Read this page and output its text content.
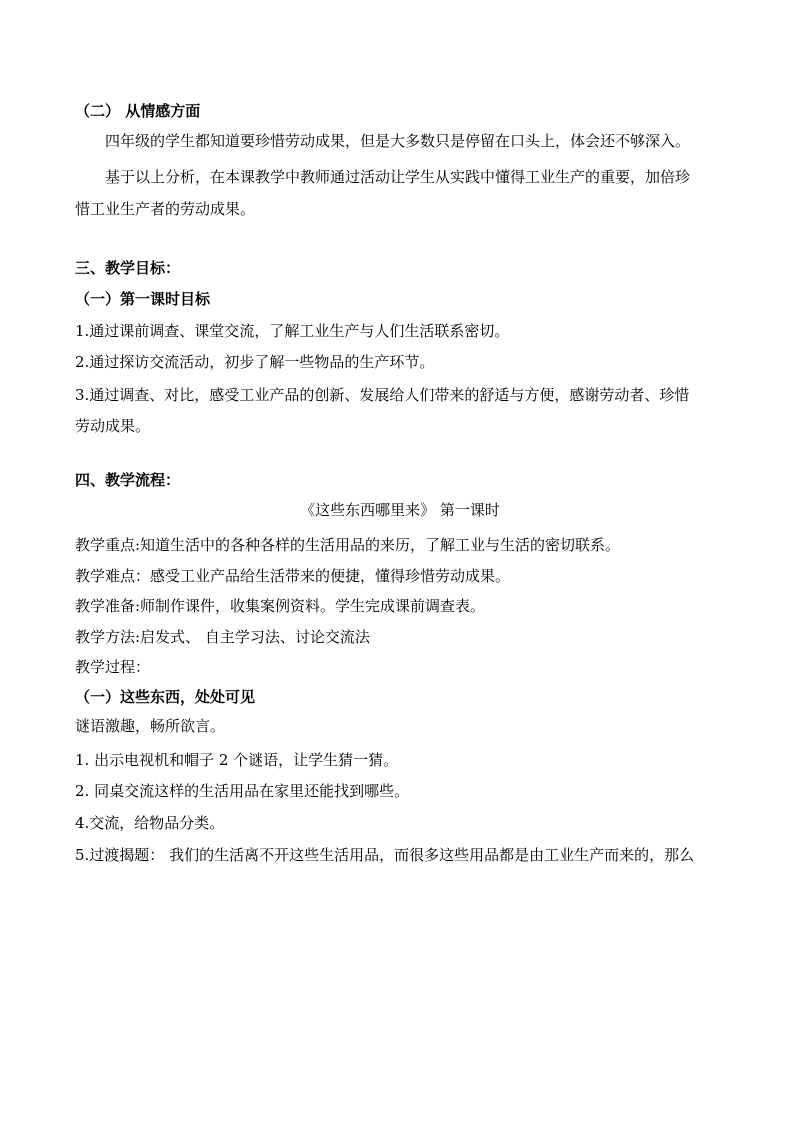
（二） 从情感方面
四年级的学生都知道要珍惜劳动成果，但是大多数只是停留在口头上，体会还不够深入。
基于以上分析，在本课教学中教师通过活动让学生从实践中懂得工业生产的重要，加倍珍
惜工业生产者的劳动成果。
三、教学目标：
（一）第一课时目标
1.通过课前调查、课堂交流，了解工业生产与人们生活联系密切。
2.通过探访交流活动，初步了解一些物品的生产环节。
3.通过调查、对比，感受工业产品的创新、发展给人们带来的舒适与方便，感谢劳动者、珍惜
劳动成果。
四、教学流程：
《这些东西哪里来》 第一课时
教学重点:知道生活中的各种各样的生活用品的来历，了解工业与生活的密切联系。
教学难点：感受工业产品给生活带来的便捷，懂得珍惜劳动成果。
教学准备:师制作课件，收集案例资料。学生完成课前调查表。
教学方法:启发式、 自主学习法、讨论交流法
教学过程：
（一）这些东西，处处可见
谜语激趣，畅所欲言。
1. 出示电视机和帽子 2 个谜语，让学生猜一猜。
2. 同桌交流这样的生活用品在家里还能找到哪些。
4.交流，给物品分类。
5.过渡揭题： 我们的生活离不开这些生活用品，而很多这些用品都是由工业生产而来的，那么
